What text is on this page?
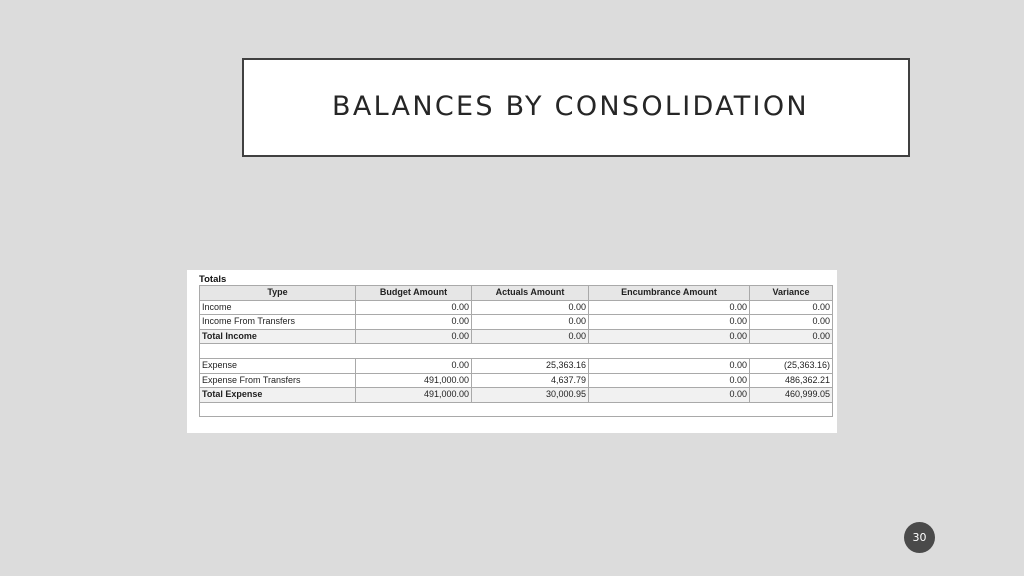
BALANCES BY CONSOLIDATION
Totals
Type	Budget Amount	Actuals Amount	Encumbrance Amount	Variance
Income	0.00	0.00	0.00	0.00
Income From Transfers	0.00	0.00	0.00	0.00
Total Income	0.00	0.00	0.00	0.00

Expense	0.00	25,363.16	0.00	(25,363.16)
Expense From Transfers	491,000.00	4,637.79	0.00	486,362.21
Total Expense	491,000.00	30,000.95	0.00	460,999.05

30
